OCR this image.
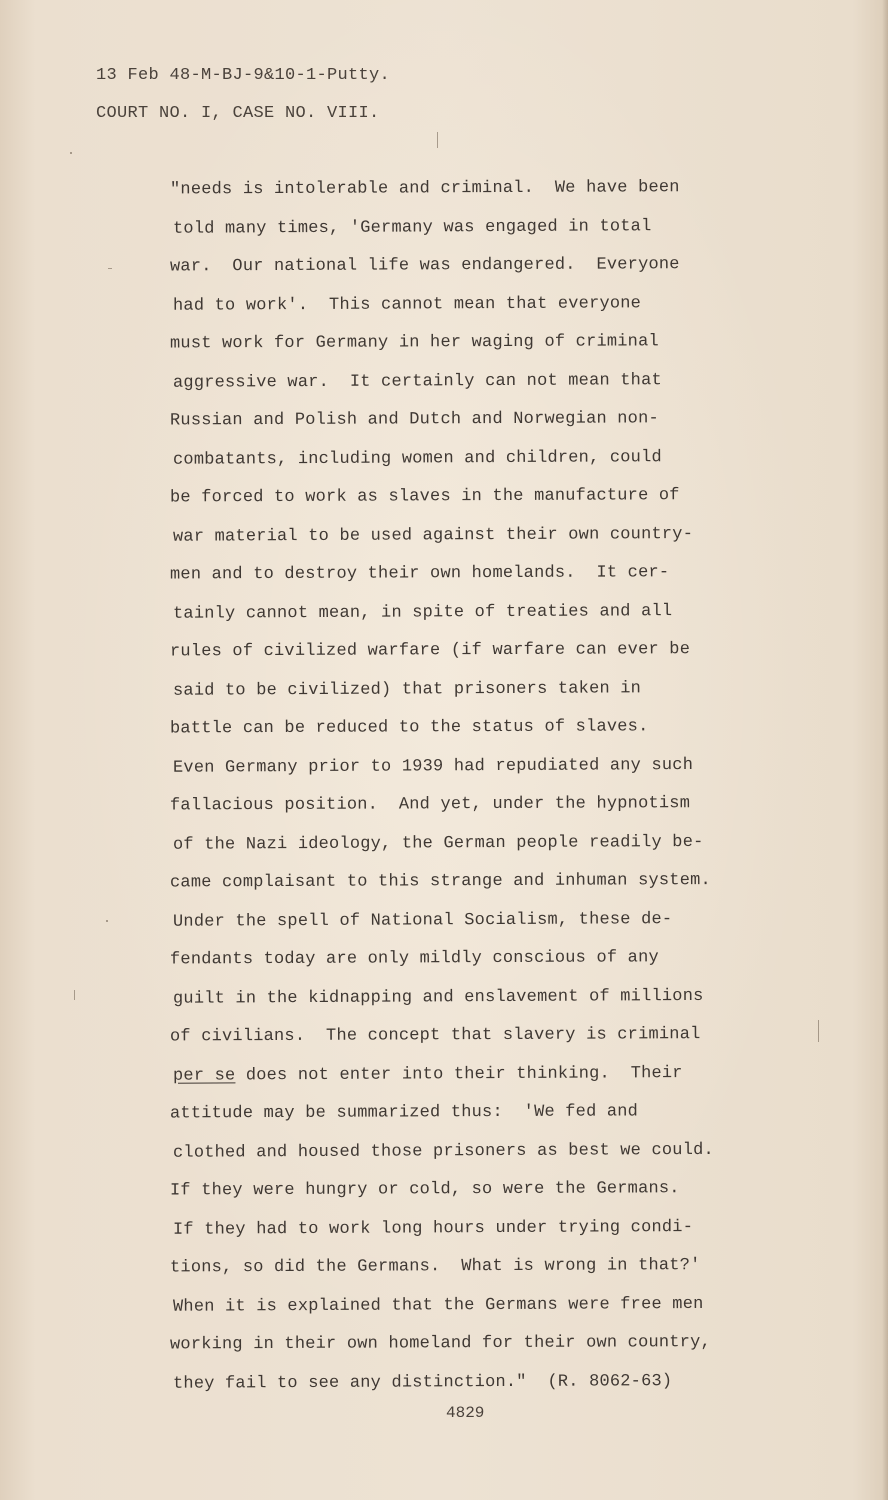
13 Feb 48-M-BJ-9&10-1-Putty.
COURT NO. I, CASE NO. VIII.
"needs is intolerable and criminal.  We have been
told many times, 'Germany was engaged in total
war.  Our national life was endangered.  Everyone
had to work'.  This cannot mean that everyone
must work for Germany in her waging of criminal
aggressive war.  It certainly can not mean that
Russian and Polish and Dutch and Norwegian non-
combatants, including women and children, could
be forced to work as slaves in the manufacture of
war material to be used against their own country-
men and to destroy their own homelands.  It cer-
tainly cannot mean, in spite of treaties and all
rules of civilized warfare (if warfare can ever be
said to be civilized) that prisoners taken in
battle can be reduced to the status of slaves.
Even Germany prior to 1939 had repudiated any such
fallacious position.  And yet, under the hypnotism
of the Nazi ideology, the German people readily be-
came complaisant to this strange and inhuman system.
Under the spell of National Socialism, these de-
fendants today are only mildly conscious of any
guilt in the kidnapping and enslavement of millions
of civilians.  The concept that slavery is criminal
per se does not enter into their thinking.  Their
attitude may be summarized thus:  'We fed and
clothed and housed those prisoners as best we could.
If they were hungry or cold, so were the Germans.
If they had to work long hours under trying condi-
tions, so did the Germans.  What is wrong in that?'
When it is explained that the Germans were free men
working in their own homeland for their own country,
they fail to see any distinction."  (R. 8062-63)
4829
